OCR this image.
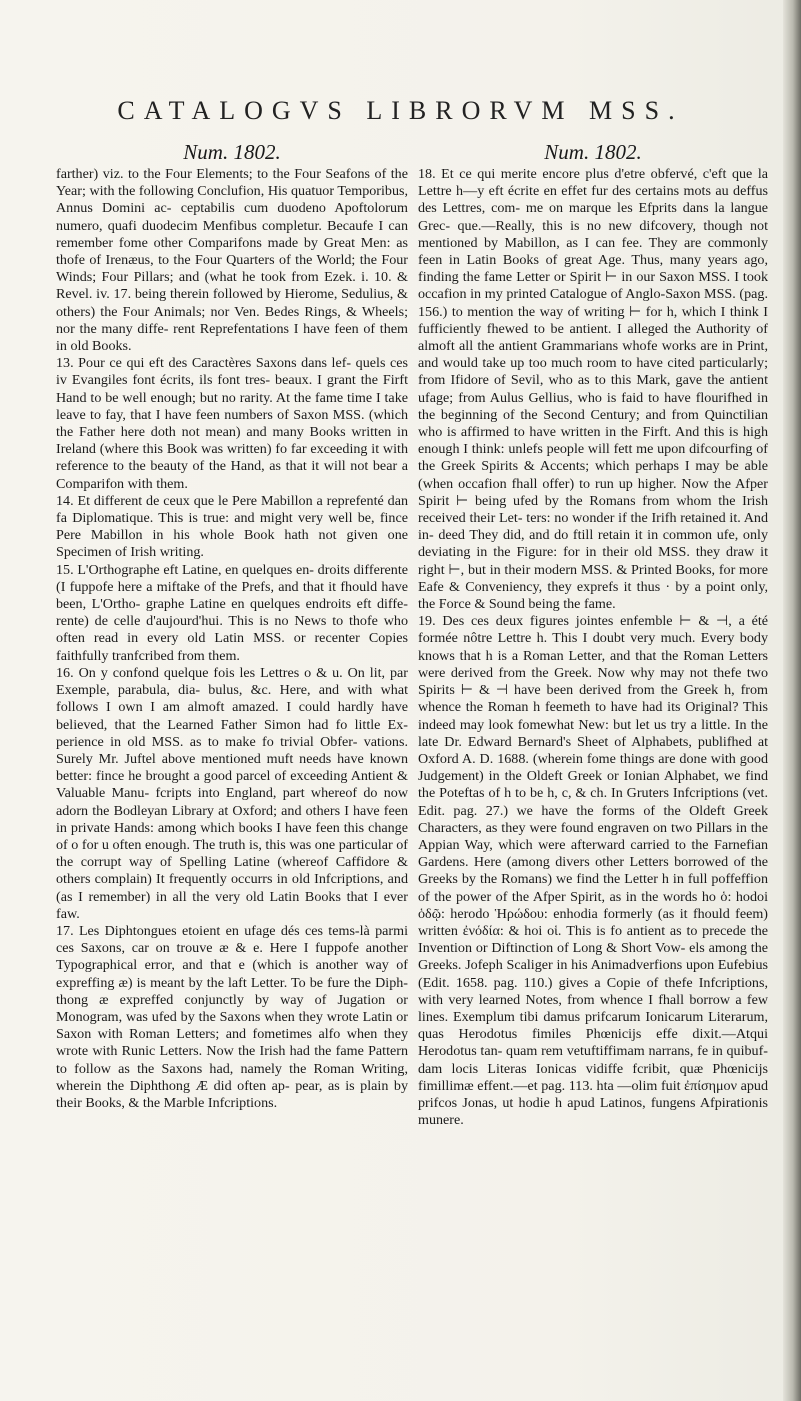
CATALOGVS LIBRORVM MSS.
Num. 1802.

farther) viz. to the Four Elements; to the Four Seafons of the Year; with the following Conclufion, His quatuor Temporibus, Annus Domini ac- ceptabilis cum duodeno Apoftolorum numero, quafi duodecim Menfibus completur. Becaufe I can remember fome other Comparifons made by Great Men: as thofe of Irenæus, to the Four Quarters of the World; the Four Winds; Four Pillars; and (what he took from Ezek. i. 10. & Revel. iv. 17. being therein followed by Hierome, Sedulius, & others) the Four Animals; nor Ven. Bedes Rings, & Wheels; nor the many diffe- rent Reprefentations I have feen of them in old Books.

13. Pour ce qui eft des Caractères Saxons dans lef- quels ces iv Evangiles font écrits, ils font tres- beaux. I grant the Firft Hand to be well enough; but no rarity. At the fame time I take leave to fay, that I have feen numbers of Saxon MSS. (which the Father here doth not mean) and many Books written in Ireland (where this Book was written) fo far exceeding it with reference to the beauty of the Hand, as that it will not bear a Comparifon with them.

14. Et different de ceux que le Pere Mabillon a reprefenté dan fa Diplomatique. This is true: and might very well be, fince Pere Mabillon in his whole Book hath not given one Specimen of Irish writing.

15. L'Orthographe eft Latine, en quelques en- droits differente (I fuppofe here a miftake of the Prefs, and that it fhould have been, L'Ortho- graphe Latine en quelques endroits eft diffe- rente) de celle d'aujourd'hui. This is no News to thofe who often read in every old Latin MSS. or recenter Copies faithfully tranfcribed from them.

16. On y confond quelque fois les Lettres o & u. On lit, par Exemple, parabula, dia- bulus, &c. Here, and with what follows I own I am almoft amazed. I could hardly have believed, that the Learned Father Simon had fo little Ex- perience in old MSS. as to make fo trivial Obfer- vations. Surely Mr. Juftel above mentioned muft needs have known better: fince he brought a good parcel of exceeding Antient & Valuable Manu- fcripts into England, part whereof do now adorn the Bodleyan Library at Oxford; and others I have feen in private Hands: among which books I have feen this change of o for u often enough. The truth is, this was one particular of the corrupt way of Spelling Latine (whereof Caffidore & others complain) It frequently occurrs in old Infcriptions, and (as I remember) in all the very old Latin Books that I ever faw.

17. Les Diphtongues etoient en ufage dés ces tems-là parmi ces Saxons, car on trouve æ & e. Here I fuppofe another Typographical error, and that e (which is another way of expreffing æ) is meant by the laft Letter. To be fure the Diph- thong æ expreffed conjunctly by way of Jugation or Monogram, was ufed by the Saxons when they wrote Latin or Saxon with Roman Letters; and fometimes alfo when they wrote with Runic Letters. Now the Irish had the fame Pattern to follow as the Saxons had, namely the Roman Writing, wherein the Diphthong Æ did often ap- pear, as is plain by their Books, & the Marble Infcriptions.

Num. 1802.

18. Et ce qui merite encore plus d'etre obfervé, c'eft que la Lettre h—y eft écrite en effet fur des certains mots au deffus des Lettres, com- me on marque les Efprits dans la langue Grec- que.—Really, this is no new difcovery, though not mentioned by Mabillon, as I can fee. They are commonly feen in Latin Books of great Age. Thus, many years ago, finding the fame Letter or Spirit ⊢ in our Saxon MSS. I took occafion in my printed Catalogue of Anglo-Saxon MSS. (pag. 156.) to mention the way of writing ⊢ for h, which I think I fufficiently fhewed to be antient. I alleged the Authority of almoft all the antient Grammarians whofe works are in Print, and would take up too much room to have cited particularly; from Ifidore of Sevil, who as to this Mark, gave the antient ufage; from Aulus Gellius, who is faid to have flourifhed in the beginning of the Second Century; and from Quinctilian who is affirmed to have written in the Firft. And this is high enough I think: unlefs people will fett me upon difcourfing of the Greek Spirits & Accents; which perhaps I may be able (when occafion fhall offer) to run up higher. Now the Afper Spirit ⊢ being ufed by the Romans from whom the Irish received their Let- ters: no wonder if the Irifh retained it. And in- deed They did, and do ftill retain it in common ufe, only deviating in the Figure: for in their old MSS. they draw it right ⊢, but in their modern MSS. & Printed Books, for more Eafe & Conveniency, they exprefs it thus · by a point only, the Force & Sound being the fame.

19. Des ces deux figures jointes enfemble ⊢ & ⊣, a été formée nôtre Lettre h. This I doubt very much. Every body knows that h is a Roman Letter, and that the Roman Letters were derived from the Greek. Now why may not thefe two Spirits ⊢ & ⊣ have been derived from the Greek h, from whence the Roman h feemeth to have had its Original? This indeed may look fomewhat New: but let us try a little. In the late Dr. Edward Bernard's Sheet of Alphabets, publifhed at Oxford A. D. 1688. (wherein fome things are done with good Judgement) in the Oldeft Greek or Ionian Alphabet, we find the Poteftas of h to be h, c, & ch. In Gruters Infcriptions (vet. Edit. pag. 27.) we have the forms of the Oldeft Greek Characters, as they were found engraven on two Pillars in the Appian Way, which were afterward carried to the Farnefian Gardens. Here (among divers other Letters borrowed of the Greeks by the Romans) we find the Letter h in full poffeffion of the power of the Afper Spirit, as in the words ho ὁ: hodoi ὁδῷ: herodo Ἡρώδου: enhodia formerly (as it fhould feem) written ἐνόδία: & hoi οἱ. This is fo antient as to precede the Invention or Diftinction of Long & Short Vow- els among the Greeks. Jofeph Scaliger in his Animadverfions upon Eufebius (Edit. 1658. pag. 110.) gives a Copie of thefe Infcriptions, with very learned Notes, from whence I fhall borrow a few lines. Exemplum tibi damus prifcarum Ionicarum Literarum, quas Herodotus fimiles Phœnicijs effe dixit.—Atqui Herodotus tan- quam rem vetuftiffimam narrans, fe in quibuf- dam locis Literas Ionicas vidiffe fcribit, quæ Phœnicijs fimillimæ effent.—et pag. 113. hta —olim fuit ἐπίσημον apud prifcos Jonas, ut hodie h apud Latinos, fungens Afpirationis munere.
